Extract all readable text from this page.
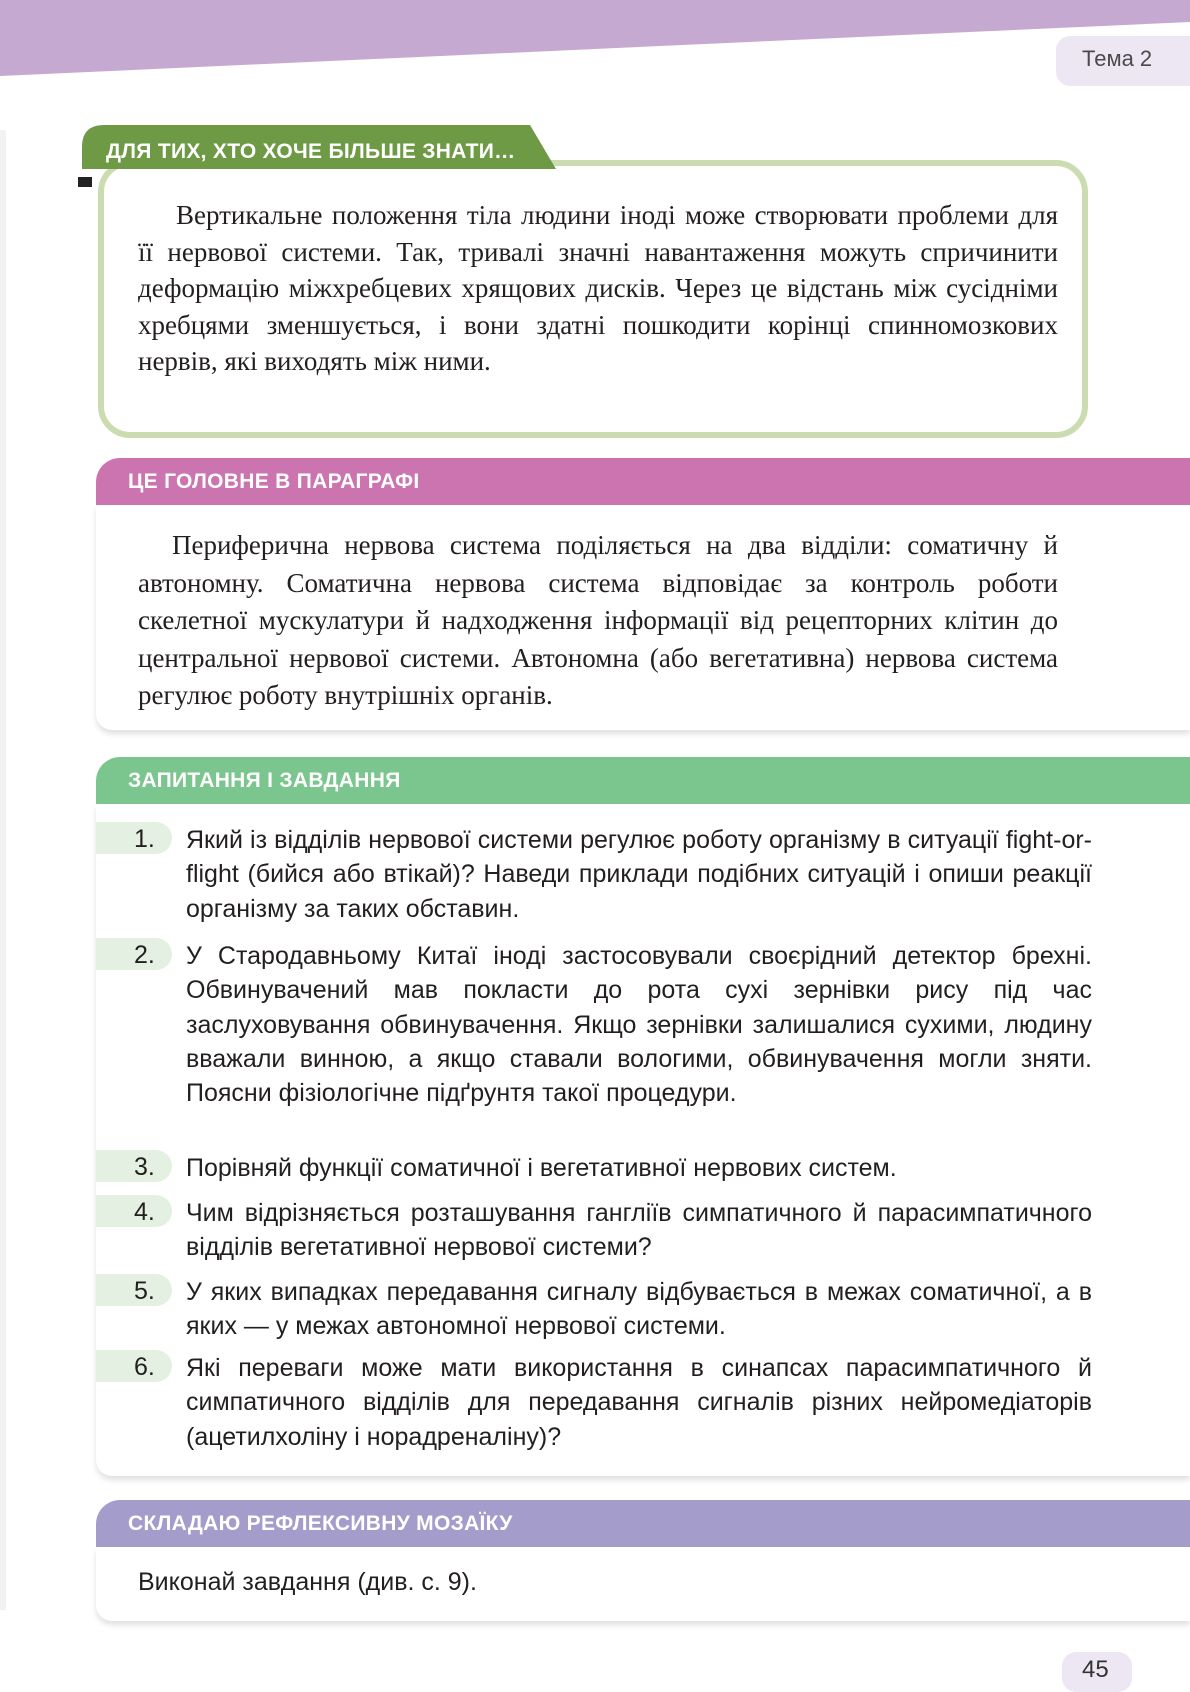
Тема 2
ДЛЯ ТИХ, ХТО ХОЧЕ БІЛЬШЕ ЗНАТИ…
Вертикальне положення тіла людини іноді може створювати проблеми для її нервової системи. Так, тривалі значні навантаження можуть спричинити деформацію міжхребцевих хрящових дисків. Через це відстань між сусідніми хребцями зменшується, і вони здатні пошкодити корінці спинномозкових нервів, які виходять між ними.
ЦЕ ГОЛОВНЕ В ПАРАГРАФІ
Периферична нервова система поділяється на два відділи: соматичну й автономну. Соматична нервова система відповідає за контроль роботи скелетної мускулатури й надходження інформації від рецепторних клітин до центральної нервової системи. Автономна (або вегетативна) нервова система регулює роботу внутрішніх органів.
ЗАПИТАННЯ І ЗАВДАННЯ
1. Який із відділів нервової системи регулює роботу організму в ситуації fight-or-flight (бийся або втікай)? Наведи приклади подібних ситуацій і опиши реакції організму за таких обставин.
2. У Стародавньому Китаї іноді застосовували своєрідний детектор брехні. Обвинувачений мав покласти до рота сухі зернівки рису під час заслуховування обвинувачення. Якщо зернівки залишалися сухими, людину вважали винною, а якщо ставали вологими, обвинувачення могли зняти. Поясни фізіологічне підґрунтя такої процедури.
3. Порівняй функції соматичної і вегетативної нервових систем.
4. Чим відрізняється розташування гангліїв симпатичного й парасимпатичного відділів вегетативної нервової системи?
5. У яких випадках передавання сигналу відбувається в межах соматичної, а в яких — у межах автономної нервової системи.
6. Які переваги може мати використання в синапсах парасимпатичного й симпатичного відділів для передавання сигналів різних нейромедіаторів (ацетилхоліну і норадреналіну)?
СКЛАДАЮ РЕФЛЕКСИВНУ МОЗАЇКУ
Виконай завдання (див. с. 9).
45
